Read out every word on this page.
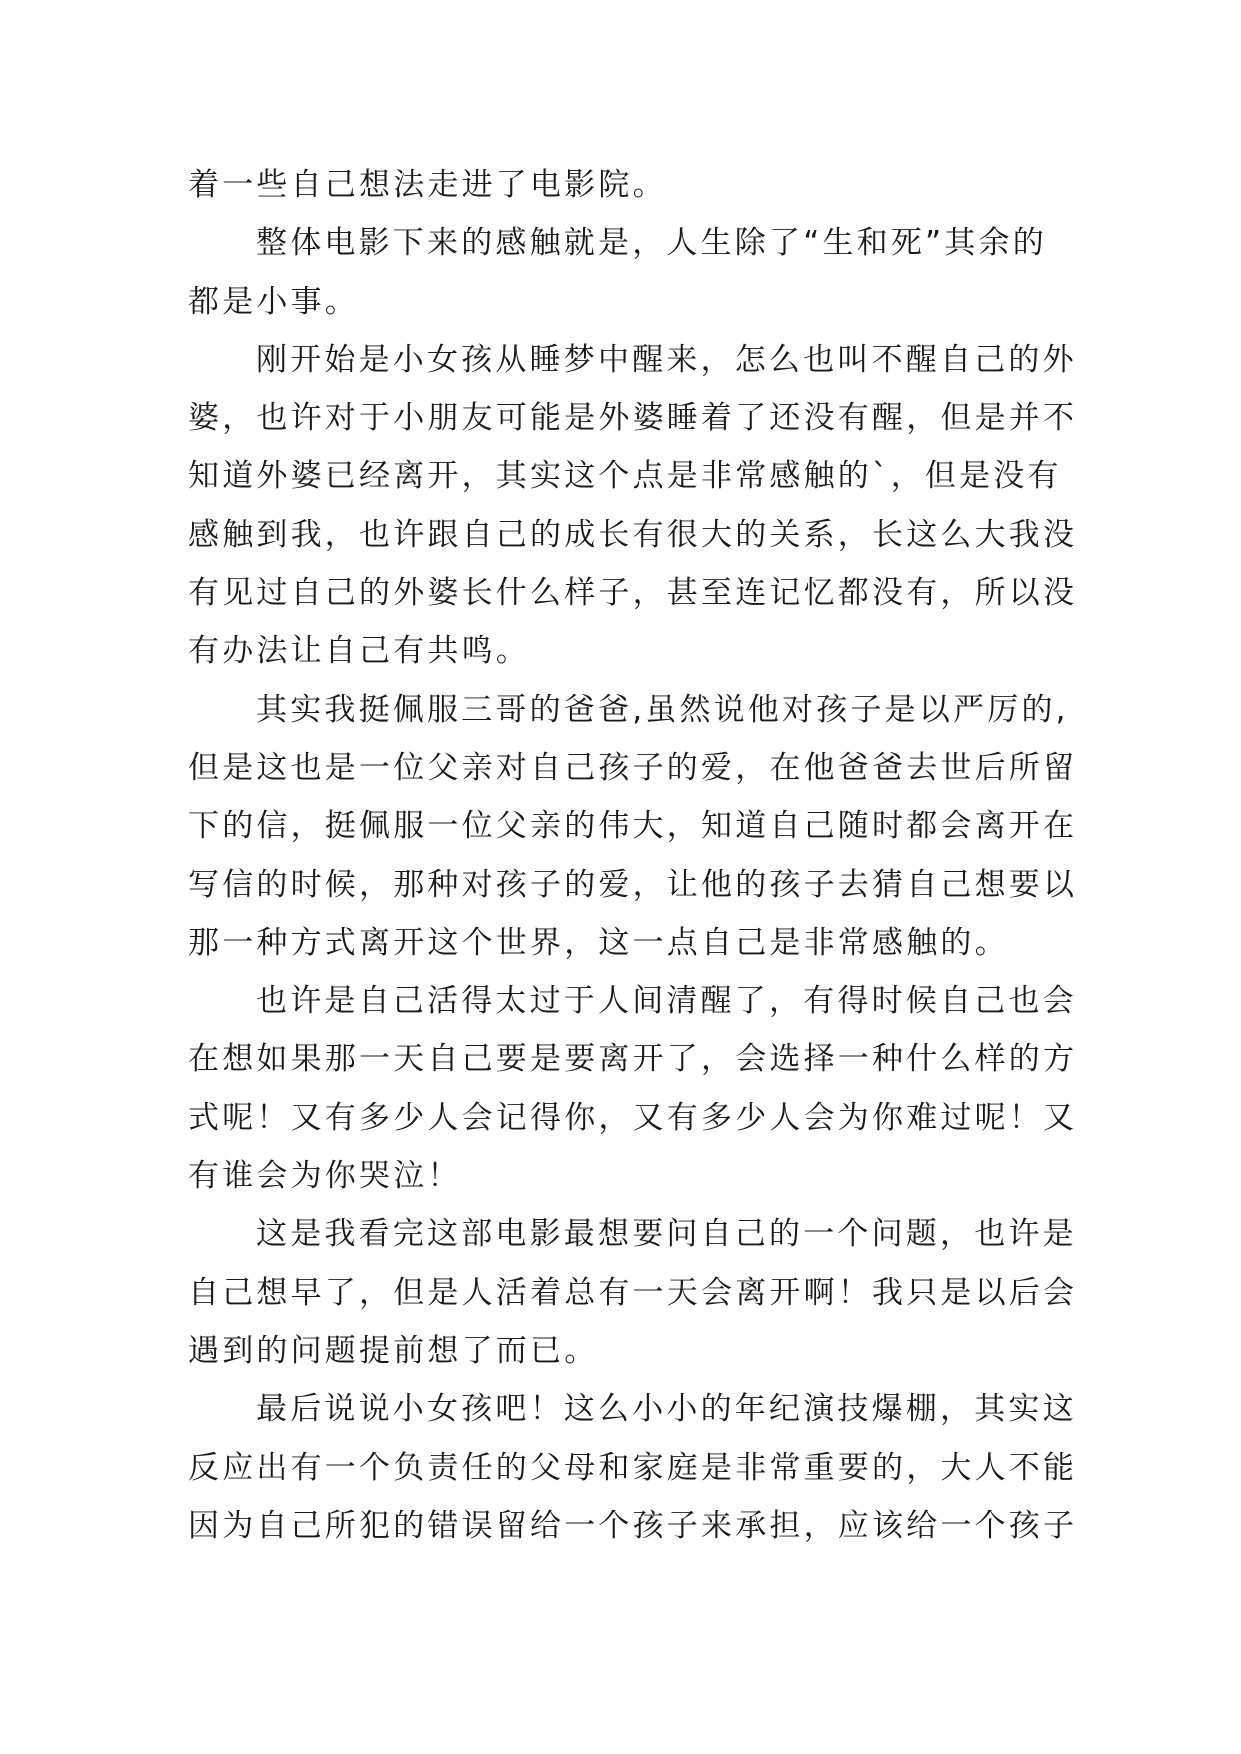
着一些自己想法走进了电影院。
整体电影下来的感触就是，人生除了“生和死”其余的
都是小事。
刚开始是小女孩从睡梦中醒来，怎么也叫不醒自己的外
婆，也许对于小朋友可能是外婆睡着了还没有醒，但是并不
知道外婆已经离开，其实这个点是非常感触的`，但是没有
感触到我，也许跟自己的成长有很大的关系，长这么大我没
有见过自己的外婆长什么样子，甚至连记忆都没有，所以没
有办法让自己有共鸣。
其实我挺佩服三哥的爸爸,虽然说他对孩子是以严厉的,
但是这也是一位父亲对自己孩子的爱，在他爸爸去世后所留
下的信，挺佩服一位父亲的伟大，知道自己随时都会离开在
写信的时候，那种对孩子的爱，让他的孩子去猜自己想要以
那一种方式离开这个世界，这一点自己是非常感触的。
也许是自己活得太过于人间清醒了，有得时候自己也会
在想如果那一天自己要是要离开了，会选择一种什么样的方
式呢！又有多少人会记得你，又有多少人会为你难过呢！又
有谁会为你哭泣！
这是我看完这部电影最想要问自己的一个问题，也许是
自己想早了，但是人活着总有一天会离开啊！我只是以后会
遇到的问题提前想了而已。
最后说说小女孩吧！这么小小的年纪演技爆棚，其实这
反应出有一个负责任的父母和家庭是非常重要的，大人不能
因为自己所犯的错误留给一个孩子来承担，应该给一个孩子
